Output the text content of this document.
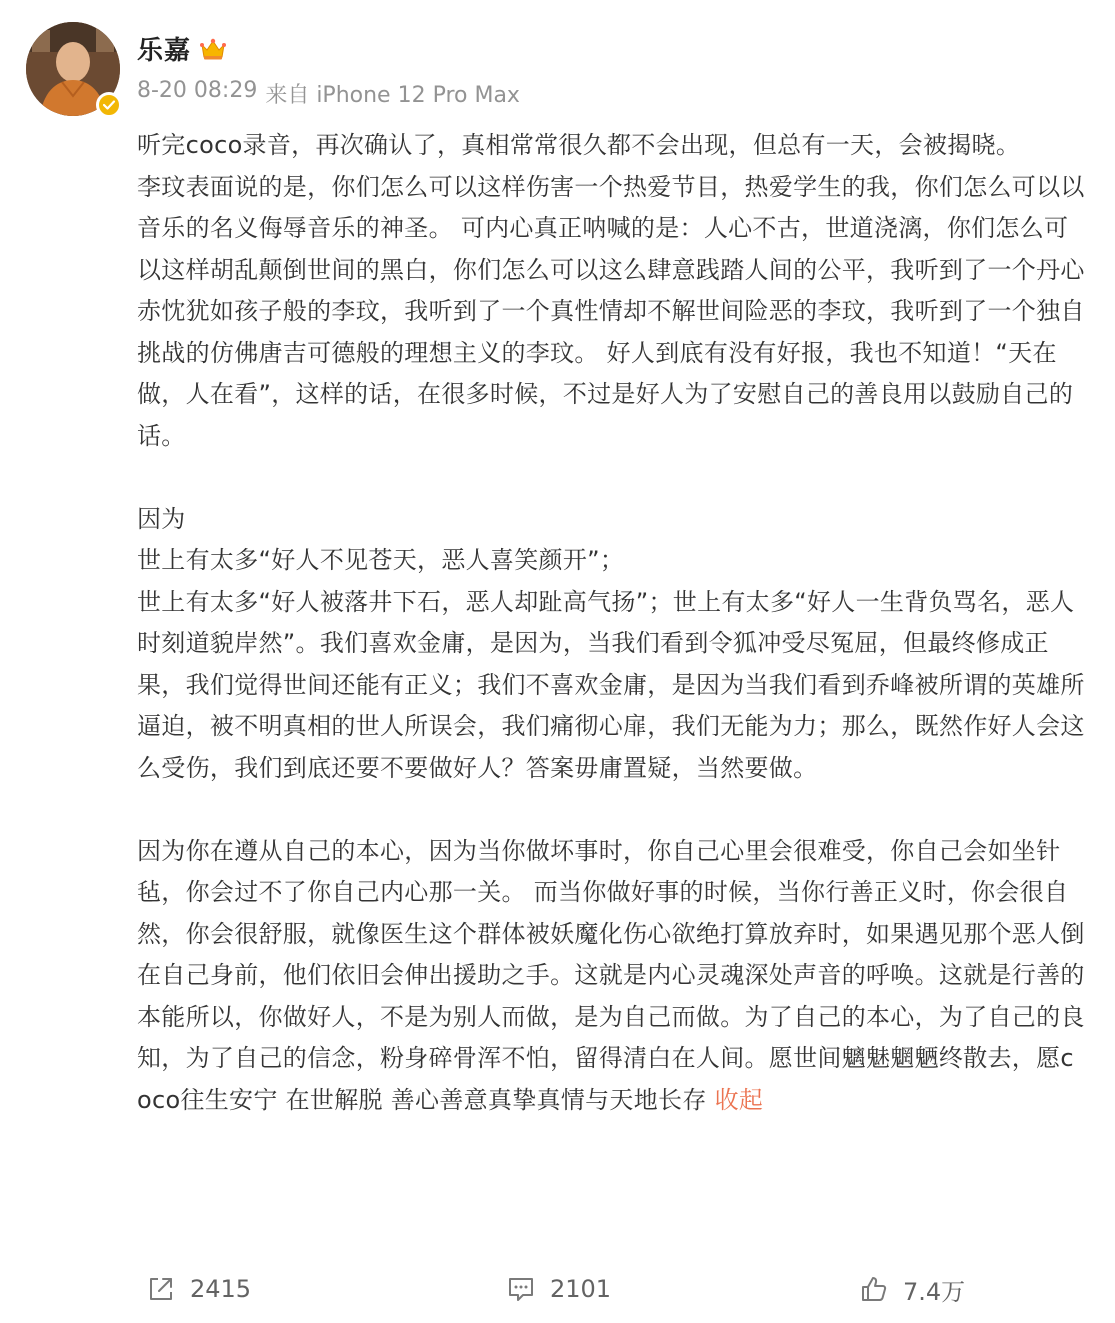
乐嘉
8-20 08:29 来自 iPhone 12 Pro Max

听完coco录音，再次确认了，真相常常很久都不会出现，但总有一天，会被揭晓。

李玟表面说的是，你们怎么可以这样伤害一个热爱节目，热爱学生的我，你们怎么可以以音乐的名义侮辱音乐的神圣。 可内心真正呐喊的是：人心不古，世道浇漓，你们怎么可以这样胡乱颠倒世间的黑白，你们怎么可以这么肆意践踏人间的公平，我听到了一个丹心赤忱犹如孩子般的李玟，我听到了一个真性情却不解世间险恶的李玟，我听到了一个独自挑战的仿佛唐吉可德般的理想主义的李玟。 好人到底有没有好报，我也不知道！“天在做，人在看”，这样的话，在很多时候，不过是好人为了安慰自己的善良用以鼓励自己的话。

因为

世上有太多“好人不见苍天，恶人喜笑颜开”；

世上有太多“好人被落井下石，恶人却趾高气扬”；世上有太多“好人一生背负骂名，恶人时刻道貌岸然”。我们喜欢金庸，是因为，当我们看到令狐冲受尽冤屈，但最终修成正果，我们觉得世间还能有正义；我们不喜欢金庸，是因为当我们看到乔峰被所谓的英雄所逼迫，被不明真相的世人所误会，我们痛彻心扉，我们无能为力；那么，既然作好人会这么受伤，我们到底还要不要做好人？答案毋庸置疑，当然要做。

因为你在遵从自己的本心，因为当你做坏事时，你自己心里会很难受，你自己会如坐针毡，你会过不了你自己内心那一关。 而当你做好事的时候，当你行善正义时，你会很自然，你会很舒服，就像医生这个群体被妖魔化伤心欲绝打算放弃时，如果遇见那个恶人倒在自己身前，他们依旧会伸出援助之手。这就是内心灵魂深处声音的呼唤。这就是行善的本能所以，你做好人，不是为别人而做，是为自己而做。为了自己的本心，为了自己的良知，为了自己的信念，粉身碎骨浑不怕，留得清白在人间。愿世间魑魅魍魉终散去，愿coco往生安宁 在世解脱 善心善意真挚真情与天地长存 收起

2415	2101	7.4万
